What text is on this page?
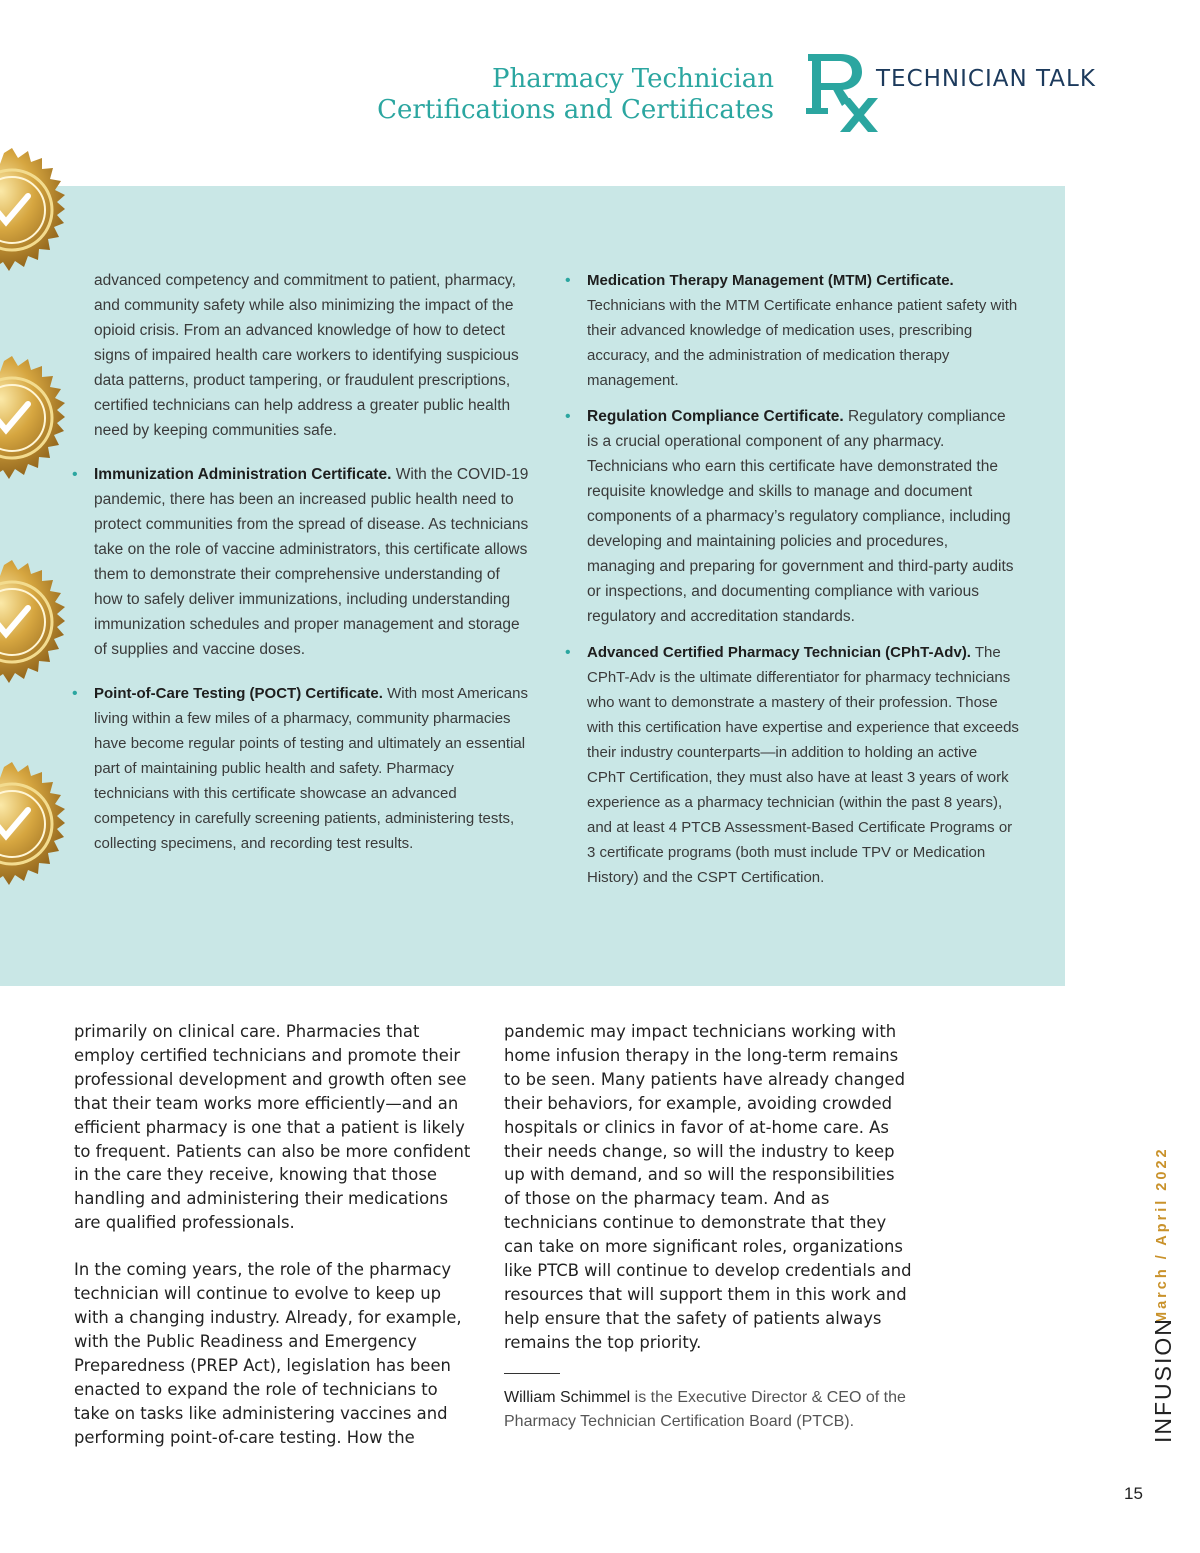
Pharmacy Technician
Certifications and Certificates
TECHNICIAN TALK

advanced competency and commitment to patient, pharmacy, and community safety while also minimizing the impact of the opioid crisis. From an advanced knowledge of how to detect signs of impaired health care workers to identifying suspicious data patterns, product tampering, or fraudulent prescriptions, certified technicians can help address a greater public health need by keeping communities safe.

• Immunization Administration Certificate. With the COVID-19 pandemic, there has been an increased public health need to protect communities from the spread of disease. As technicians take on the role of vaccine administrators, this certificate allows them to demonstrate their comprehensive understanding of how to safely deliver immunizations, including understanding immunization schedules and proper management and storage of supplies and vaccine doses.

• Point-of-Care Testing (POCT) Certificate. With most Americans living within a few miles of a pharmacy, community pharmacies have become regular points of testing and ultimately an essential part of maintaining public health and safety. Pharmacy technicians with this certificate showcase an advanced competency in carefully screening patients, administering tests, collecting specimens, and recording test results.

• Medication Therapy Management (MTM) Certificate. Technicians with the MTM Certificate enhance patient safety with their advanced knowledge of medication uses, prescribing accuracy, and the administration of medication therapy management.

• Regulation Compliance Certificate. Regulatory compliance is a crucial operational component of any pharmacy. Technicians who earn this certificate have demonstrated the requisite knowledge and skills to manage and document components of a pharmacy’s regulatory compliance, including developing and maintaining policies and procedures, managing and preparing for government and third-party audits or inspections, and documenting compliance with various regulatory and accreditation standards.

• Advanced Certified Pharmacy Technician (CPhT-Adv). The CPhT-Adv is the ultimate differentiator for pharmacy technicians who want to demonstrate a mastery of their profession. Those with this certification have expertise and experience that exceeds their industry counterparts—in addition to holding an active CPhT Certification, they must also have at least 3 years of work experience as a pharmacy technician (within the past 8 years), and at least 4 PTCB Assessment-Based Certificate Programs or 3 certificate programs (both must include TPV or Medication History) and the CSPT Certification.

primarily on clinical care. Pharmacies that employ certified technicians and promote their professional development and growth often see that their team works more efficiently—and an efficient pharmacy is one that a patient is likely to frequent. Patients can also be more confident in the care they receive, knowing that those handling and administering their medications are qualified professionals.

In the coming years, the role of the pharmacy technician will continue to evolve to keep up with a changing industry. Already, for example, with the Public Readiness and Emergency Preparedness (PREP Act), legislation has been enacted to expand the role of technicians to take on tasks like administering vaccines and performing point-of-care testing. How the

pandemic may impact technicians working with home infusion therapy in the long-term remains to be seen. Many patients have already changed their behaviors, for example, avoiding crowded hospitals or clinics in favor of at-home care. As their needs change, so will the industry to keep up with demand, and so will the responsibilities of those on the pharmacy team. And as technicians continue to demonstrate that they can take on more significant roles, organizations like PTCB will continue to develop credentials and resources that will support them in this work and help ensure that the safety of patients always remains the top priority.

William Schimmel is the Executive Director & CEO of the Pharmacy Technician Certification Board (PTCB).

March / April 2022
INFUSION
15
